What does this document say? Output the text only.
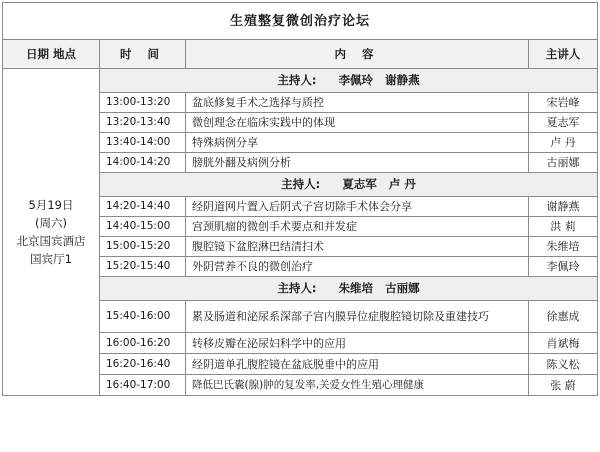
生殖整复微创治疗论坛			
日期 地点	时 间	内 容	主讲人

5月19日
(周六)
北京国宾酒店
国宾厅1	主持人: 李佩玲   谢静燕		
	13:00-13:20	盆底修复手术之选择与质控	宋岩峰
	13:20-13:40	微创理念在临床实践中的体现	夏志军
	13:40-14:00	特殊病例分享	卢 丹
	14:00-14:20	膀胱外翻及病例分析	古丽娜
	主持人: 夏志军   卢 丹		
	14:20-14:40	经阴道网片置入后阴式子宫切除手术体会分享	谢静燕
	14:40-15:00	宫颈肌瘤的微创手术要点和并发症	洪 莉
	15:00-15:20	腹腔镜下盆腔淋巴结清扫术	朱维培
	15:20-15:40	外阴营养不良的微创治疗	李佩玲
	主持人: 朱维培   古丽娜		
	15:40-16:00	累及肠道和泌尿系深部子宫内膜异位症腹腔镜切除及重建技巧	徐惠成
	16:00-16:20	转移皮瓣在泌尿妇科学中的应用	肖斌梅
	16:20-16:40	经阴道单孔腹腔镜在盆底脱垂中的应用	陈义松
	16:40-17:00	降低巴氏囊(腺)肿的复发率,关爱女性生殖心理健康	张 蔚
